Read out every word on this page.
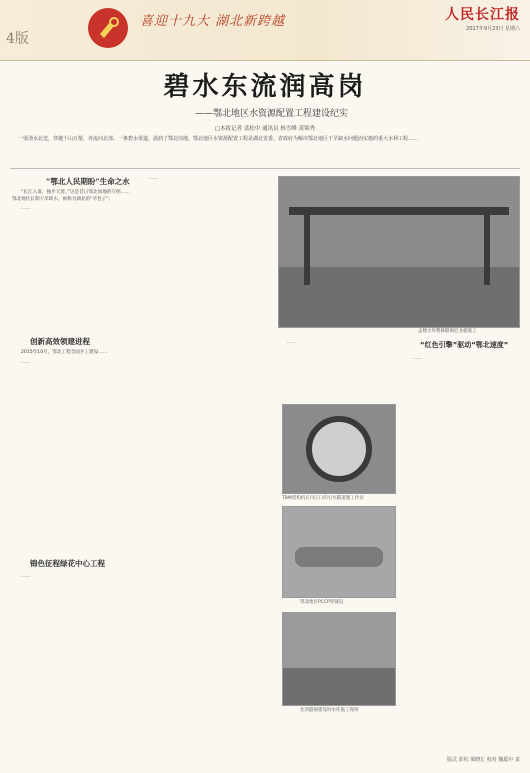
4版
喜迎十九大 湖北新跨越	人民长江报
2017年9月23日 星期六
碧水东流润高岗
——鄂北地区水资源配置工程建设纪实
□本报记者 裴松中 通讯员 杨雪峰 黄锦秀
一渠清水北送，穿越千山万壑，奔流向北部。一条碧水渠道，滋润了鄂北岗地。鄂北地区水资源配置工程是湖北省委、省政府为解决鄂北地区干旱缺水问题而实施的重大水利工程……
“鄂北人民期盼”生命之水

“长江入谁，独步天涯。”这是昔日鄂北岗地的写照……鄂北地区长期干旱缺水，被称为湖北的“旱包子”。

……

创新高效领建进程

2015年10月，鄂北工程全面开工建设……

……

锦色征程绿花中心工程

……

……

孟楼水库整修隧洞尼龙板施工

……	“红色引擎”驱动“鄂北速度”

……

TBM盾构机在丹江口的引水隧道施工作业
鄂北地区PCCP管铺设
北湾隧洞建设时水库施工现场
版式 彭松 梁晓汇 校对 魏聪中 责
